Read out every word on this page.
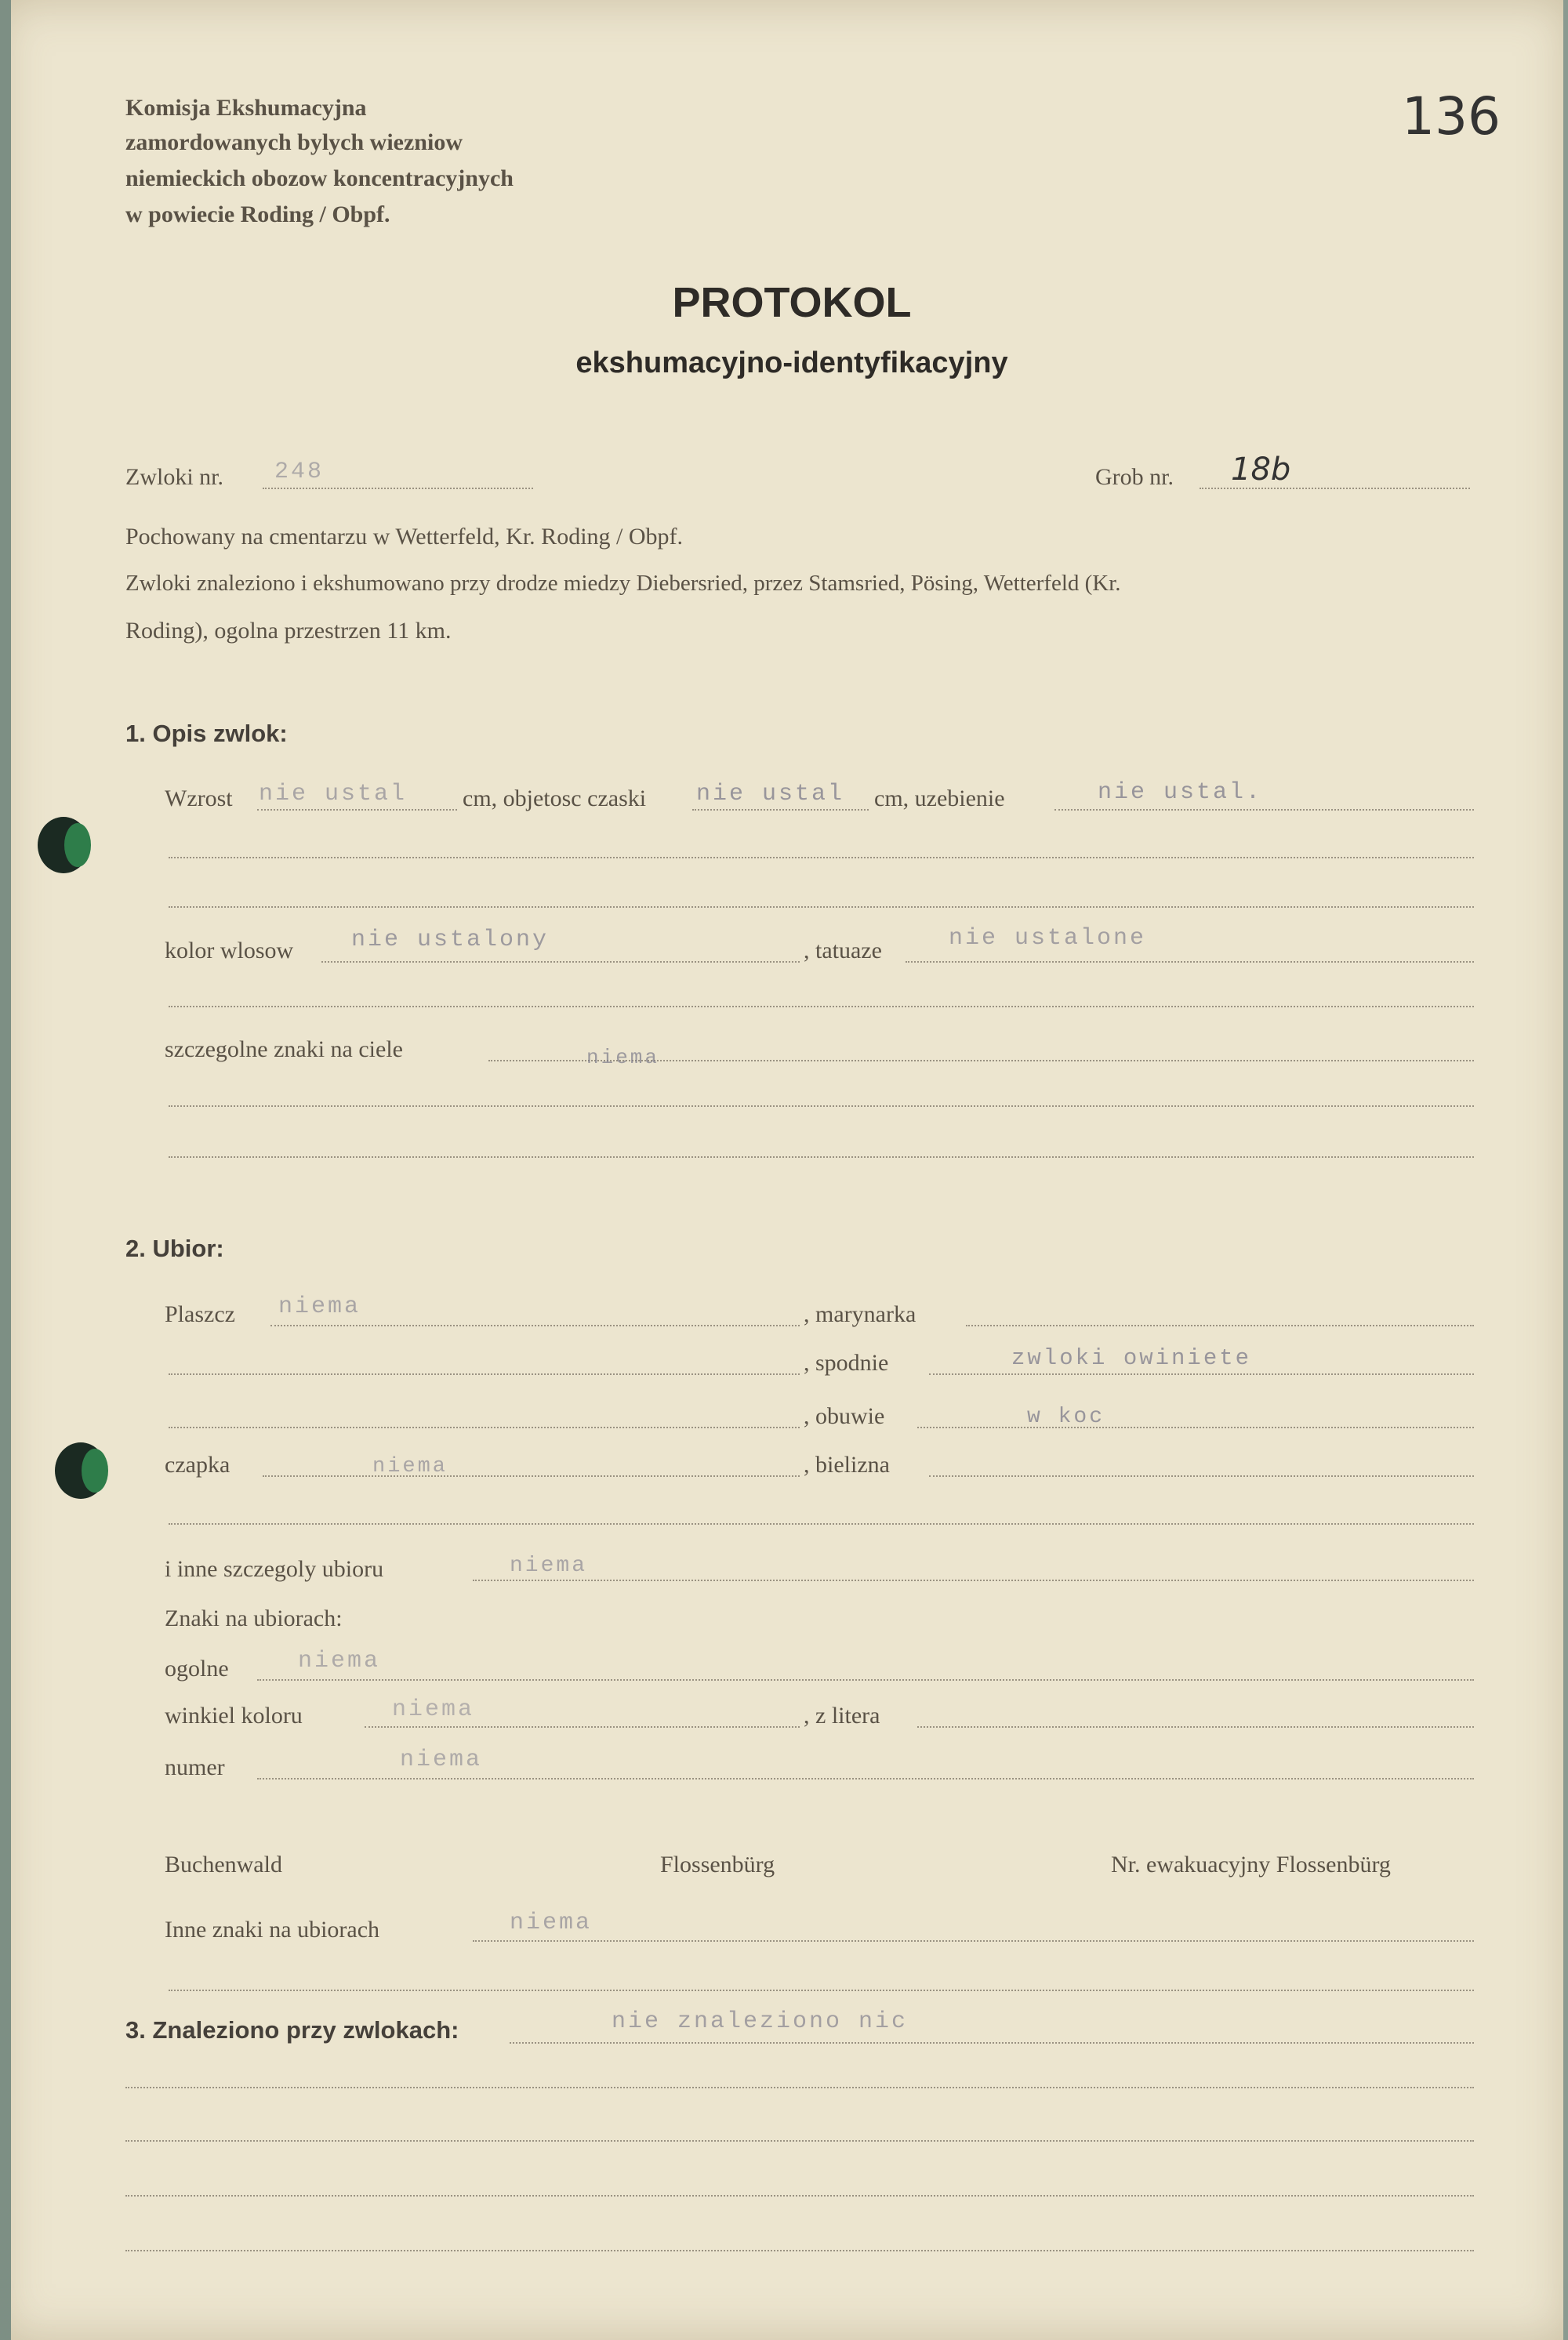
Komisja Ekshumacyjna
zamordowanych bylych wiezniow
niemieckich obozow koncentracyjnych
w powiecie Roding / Obpf.
136
PROTOKOL
ekshumacyjno-identyfikacyjny
Zwloki nr. 248	Grob nr. 18b
Pochowany na cmentarzu w Wetterfeld, Kr. Roding / Obpf.
Zwloki znaleziono i ekshumowano przy drodze miedzy Diebersried, przez Stamsried, Pösing, Wetterfeld (Kr.
Roding), ogolna przestrzen 11 km.
1. Opis zwlok:
Wzrost nie ustal cm, objetosc czaski nie ustal cm, uzebienie	nie ustal.
kolor wlosow nie ustalony	, tatuaze	nie ustalone
szczegolne znaki na ciele	niema
2. Ubior:
Plaszcz niema	, marynarka
, spodnie	zwloki owiniete
, obuwie	w koc
czapka	niema	, bielizna
i inne szczegoly ubioru	niema
Znaki na ubiorach:
ogolne	niema
winkiel koloru	niema	, z litera
numer	niema
Buchenwald	Flossenbürg	Nr. ewakuacyjny Flossenbürg
Inne znaki na ubiorach	niema
3. Znaleziono przy zwlokach:	nie znaleziono nic
